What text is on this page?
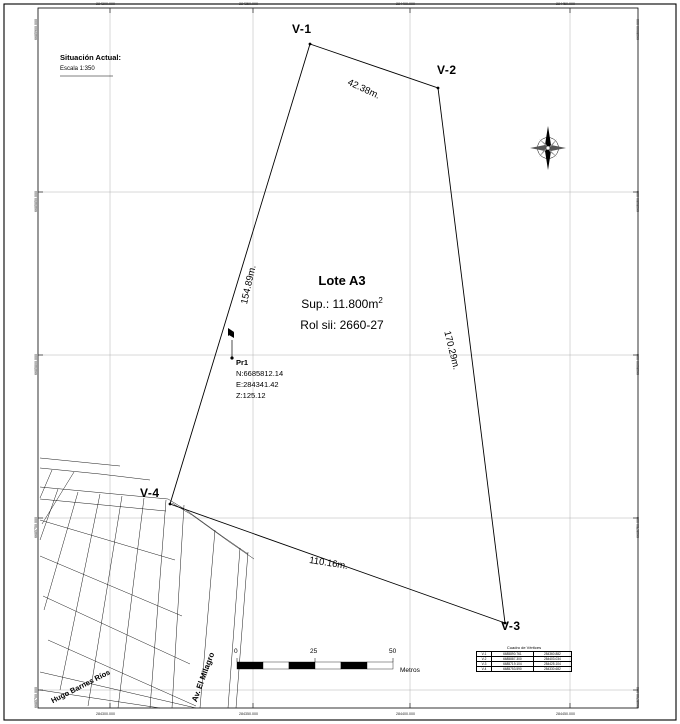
Situación Actual:
Escala 1:350
V-1
V-2
V-3
V-4
42.38m.
154.89m.
170.29m.
110.16m.
Lote A3
Sup.: $11.800m^2$
Rol sii: 2660-27
Pr1
N:6685812.14
E:284341.42
Z:125.12
Av. El Milagro
Hugo Barnes Ríos
0	25	50
Metros
Cuadro de Vértices
V-1	6685890.761	284360.882
V-2	6685887.300	284403.034
V-3	6685719.104	284425.104
V-4	6685753.590	284330.682
284300.000	284350.000	284400.000	284450.000
284300.000	284350.000	284400.000	284450.000
6685900.000
6685850.000
6685800.000
6685750.000
6685700.000
6685900.000
6685850.000
6685800.000
6685750.000
6685700.000
